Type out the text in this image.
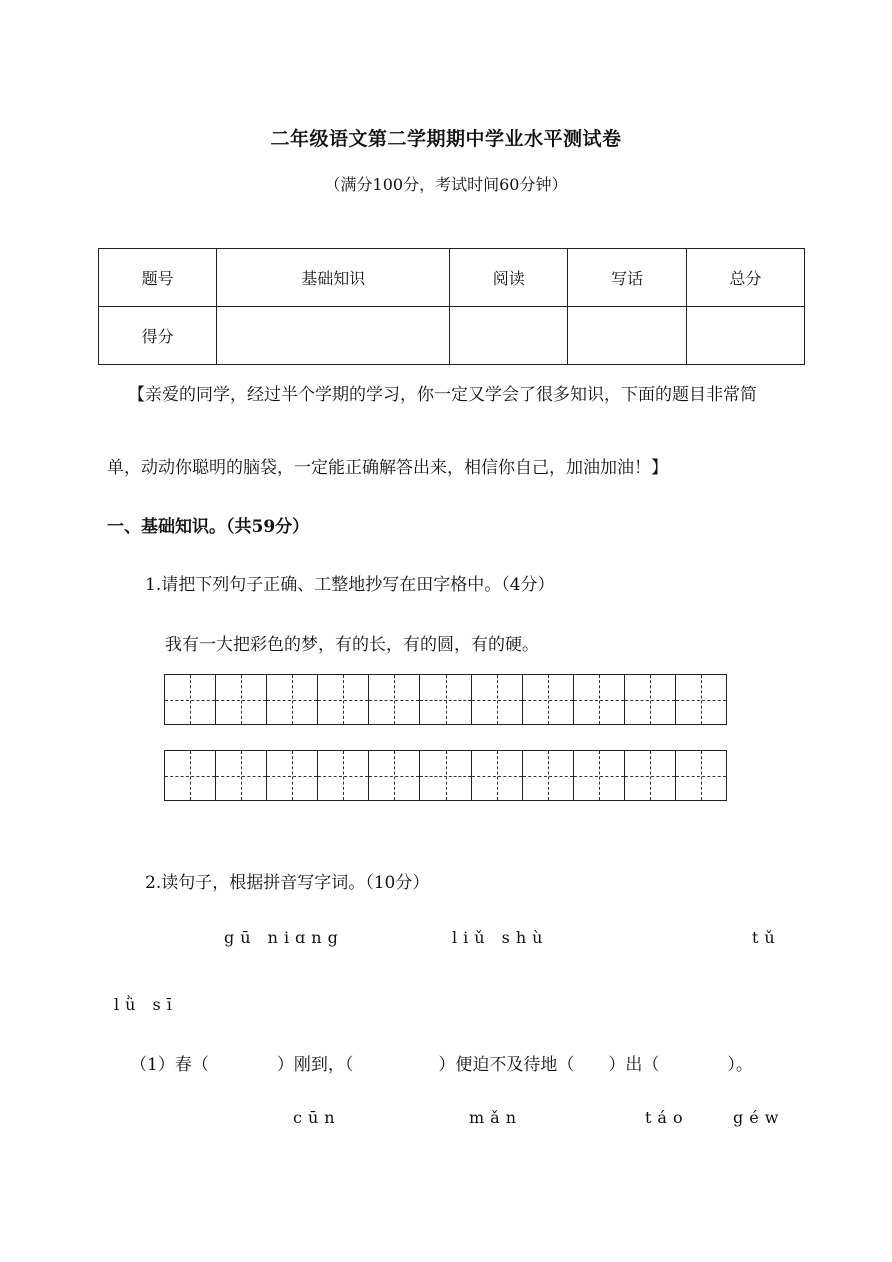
二年级语文第二学期期中学业水平测试卷
（满分100分，考试时间60分钟）
题号	基础知识	阅读	写话	总分
得分				
【亲爱的同学，经过半个学期的学习，你一定又学会了很多知识，下面的题目非常简
单，动动你聪明的脑袋，一定能正确解答出来，相信你自己，加油加油！】
一、基础知识。（共59分）
1.请把下列句子正确、工整地抄写在田字格中。（4分）
我有一大把彩色的梦，有的长，有的圆，有的硬。
2.读句子，根据拼音写字词。（10分）
gū niɑng	liǔ shù	tǔ
lǜ sī
（1）春（　　　　）刚到，（　　　　　）便迫不及待地（　　）出（　　　　）。
cūn	mǎn	táo	géw
